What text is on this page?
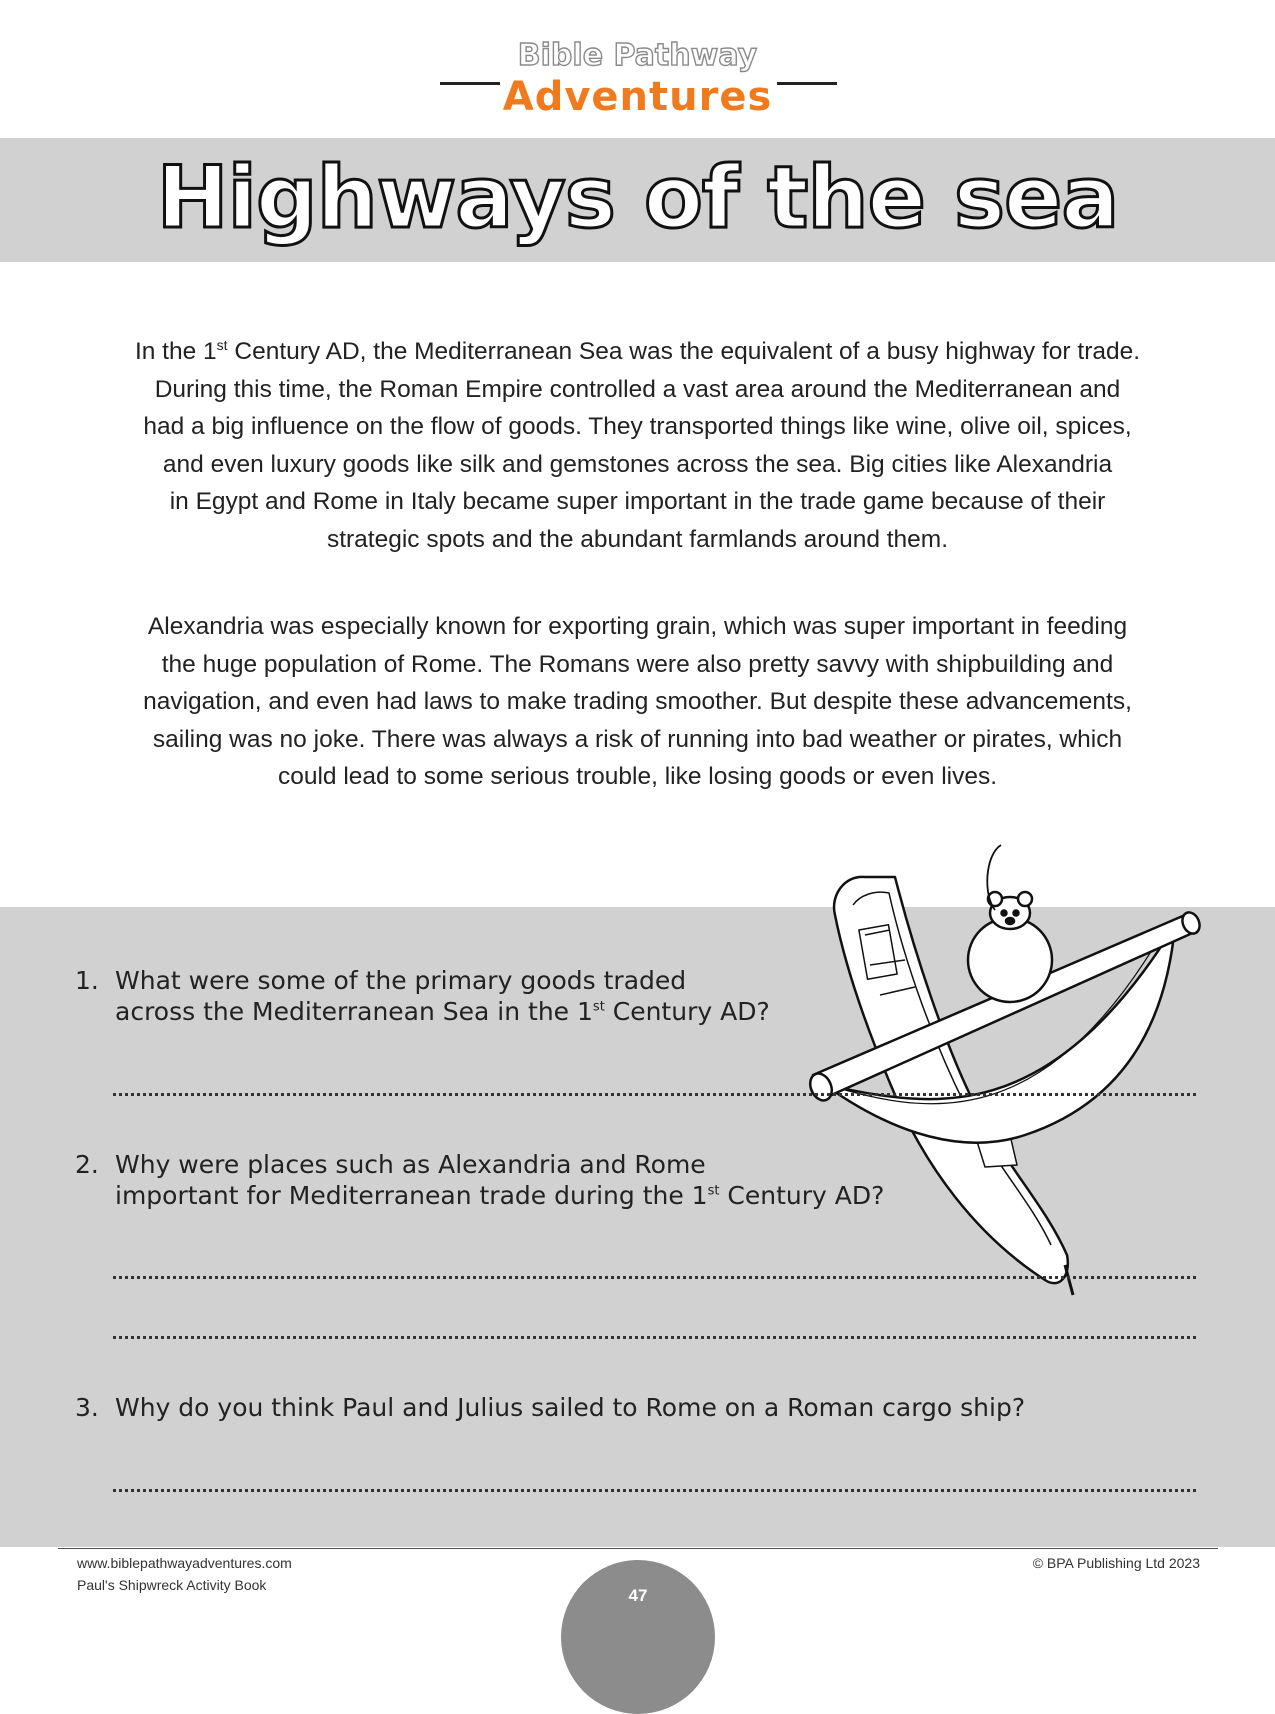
Bible Pathway
Adventures
Highways of the sea
In the 1st Century AD, the Mediterranean Sea was the equivalent of a busy highway for trade.
During this time, the Roman Empire controlled a vast area around the Mediterranean and
had a big influence on the flow of goods. They transported things like wine, olive oil, spices,
and even luxury goods like silk and gemstones across the sea. Big cities like Alexandria
in Egypt and Rome in Italy became super important in the trade game because of their
strategic spots and the abundant farmlands around them.
Alexandria was especially known for exporting grain, which was super important in feeding
the huge population of Rome. The Romans were also pretty savvy with shipbuilding and
navigation, and even had laws to make trading smoother. But despite these advancements,
sailing was no joke. There was always a risk of running into bad weather or pirates, which
could lead to some serious trouble, like losing goods or even lives.
1. What were some of the primary goods traded
across the Mediterranean Sea in the 1st Century AD?
2. Why were places such as Alexandria and Rome
important for Mediterranean trade during the 1st Century AD?
3. Why do you think Paul and Julius sailed to Rome on a Roman cargo ship?
www.biblepathwayadventures.com
Paul's Shipwreck Activity Book
© BPA Publishing Ltd 2023
47
